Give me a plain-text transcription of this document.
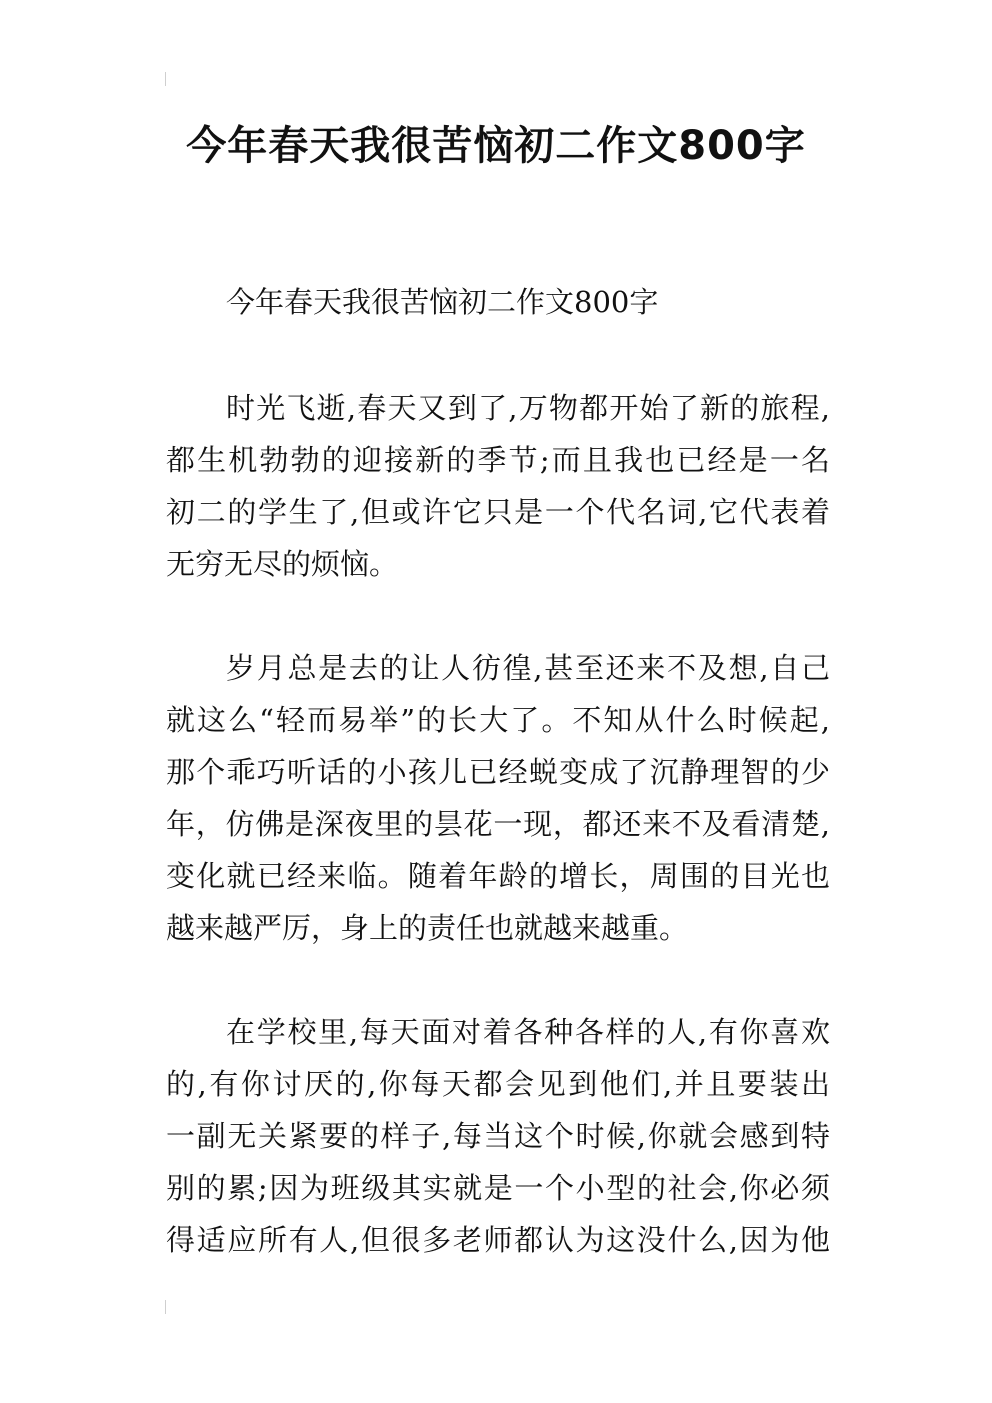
今年春天我很苦恼初二作文800字

今年春天我很苦恼初二作文800字

时光飞逝,春天又到了,万物都开始了新的旅程,
都生机勃勃的迎接新的季节;而且我也已经是一名
初二的学生了,但或许它只是一个代名词,它代表着
无穷无尽的烦恼。
岁月总是去的让人彷徨,甚至还来不及想,自己
就这么“轻而易举”的长大了。不知从什么时候起,
那个乖巧听话的小孩儿已经蜕变成了沉静理智的少
年，仿佛是深夜里的昙花一现，都还来不及看清楚,
变化就已经来临。随着年龄的增长，周围的目光也
越来越严厉，身上的责任也就越来越重。
在学校里,每天面对着各种各样的人,有你喜欢
的,有你讨厌的,你每天都会见到他们,并且要装出
一副无关紧要的样子,每当这个时候,你就会感到特
别的累;因为班级其实就是一个小型的社会,你必须
得适应所有人,但很多老师都认为这没什么,因为他
